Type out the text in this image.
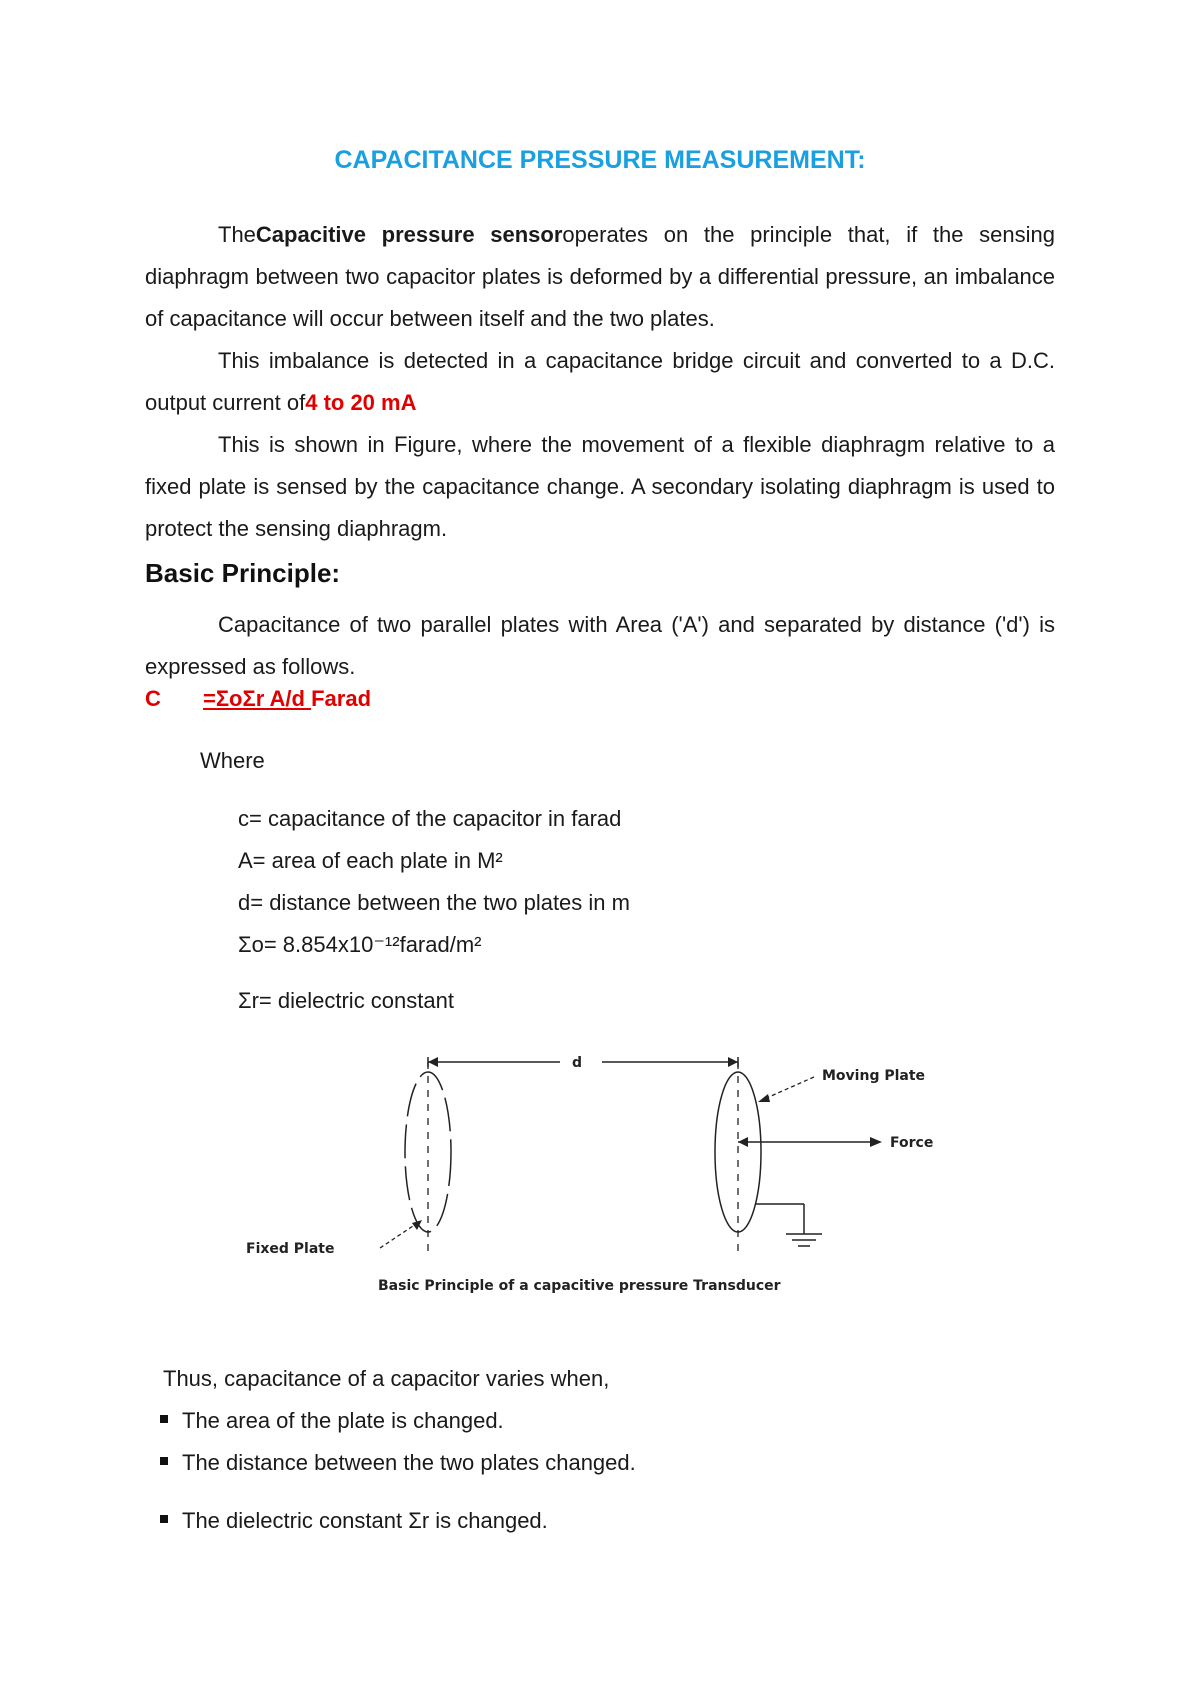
CAPACITANCE PRESSURE MEASUREMENT:
TheCapacitive pressure sensoroperates on the principle that, if the sensing diaphragm between two capacitor plates is deformed by a differential pressure, an imbalance of capacitance will occur between itself and the two plates.
This imbalance is detected in a capacitance bridge circuit and converted to a D.C. output current of4 to 20 mA
This is shown in Figure, where the movement of a flexible diaphragm relative to a fixed plate is sensed by the capacitance change. A secondary isolating diaphragm is used to protect the sensing diaphragm.
Basic Principle:
Capacitance of two parallel plates with Area ('A') and separated by distance ('d') is expressed as follows.
C =ΣoΣr A/d Farad
Where
c= capacitance of the capacitor in farad
A= area of each plate in M²
d= distance between the two plates in m
Σo= 8.854x10⁻¹²farad/m²
Σr= dielectric constant
d
Moving Plate
Force
Fixed Plate
Basic Principle of a capacitive pressure Transducer
Thus, capacitance of a capacitor varies when,
The area of the plate is changed.
The distance between the two plates changed.
The dielectric constant Σr is changed.
